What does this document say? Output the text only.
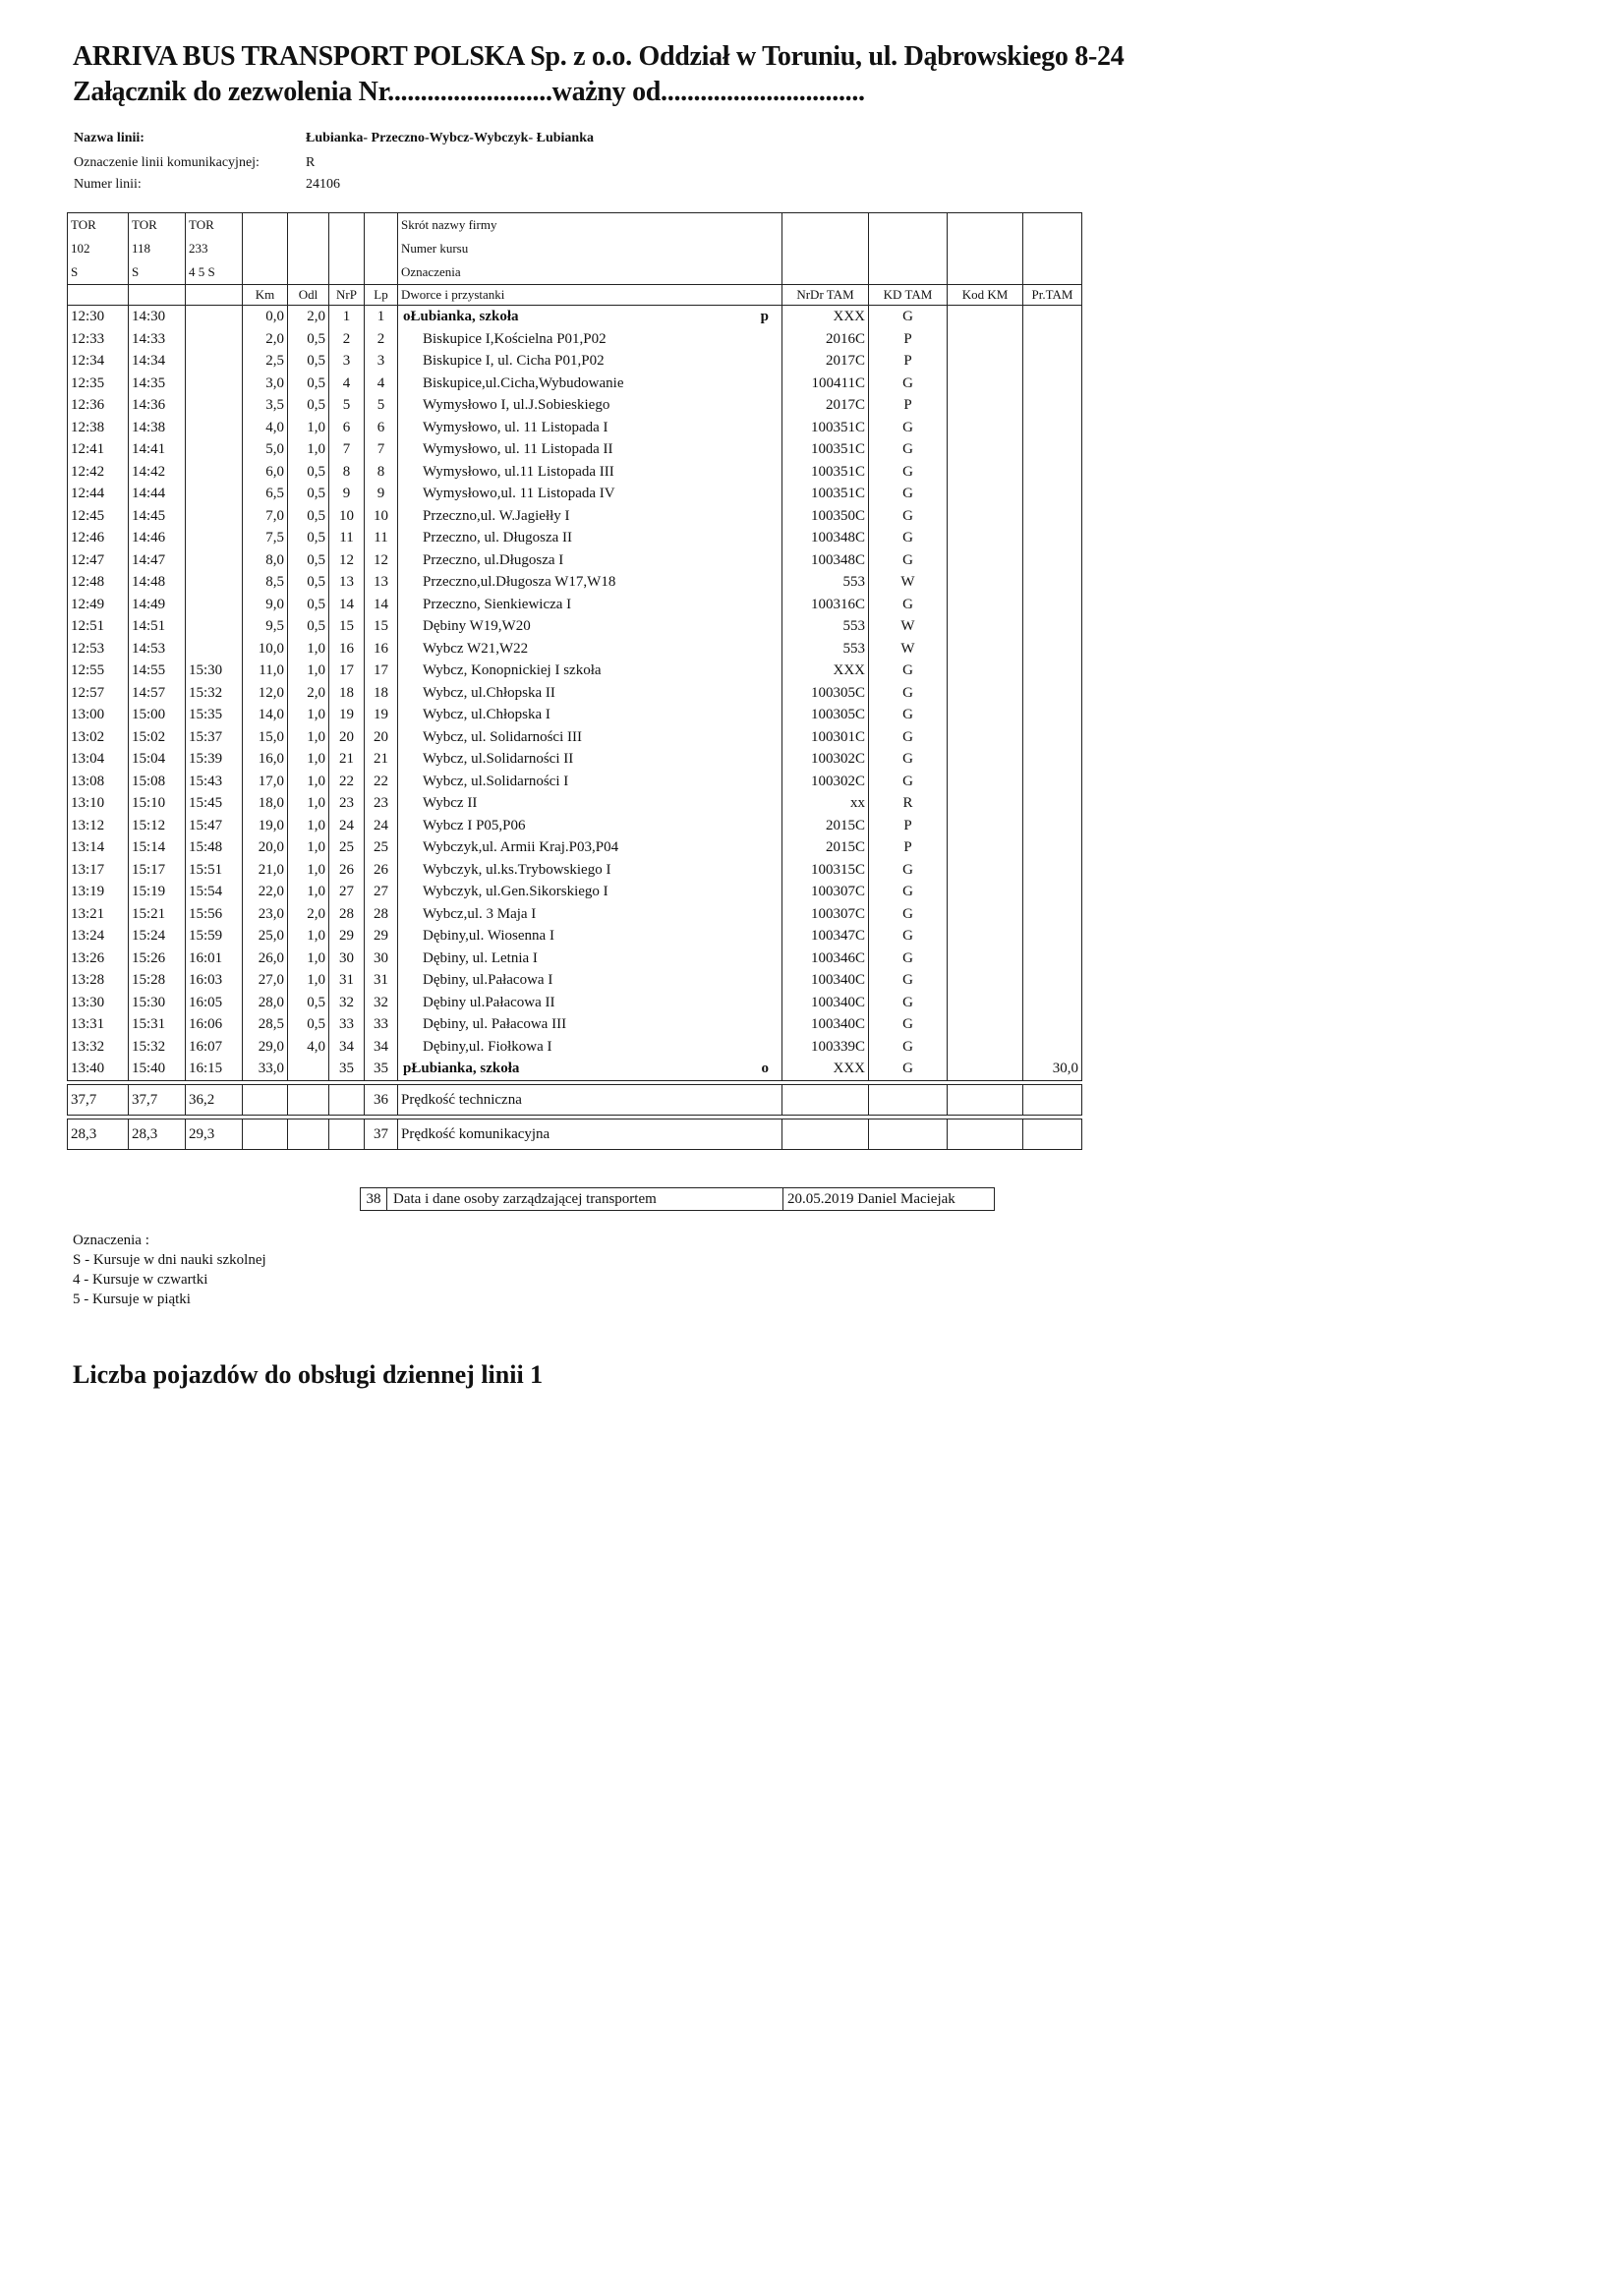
ARRIVA BUS TRANSPORT POLSKA Sp. z o.o. Oddział w Toruniu, ul. Dąbrowskiego 8-24
Załącznik do zezwolenia Nr.........................ważny od...............................
Nazwa linii:	Łubianka- Przeczno-Wybcz-Wybczyk- Łubianka
Oznaczenie linii komunikacyjnej:	R
Numer linii:	24106
TOR	TOR	TOR					Skrót nazwy firmy				
102	118	233					Numer kursu				
S	S	4 5 S					Oznaczenia				
			Km	Odl	NrP	Lp	Dworce i przystanki	NrDr TAM	KD TAM	Kod KM	Pr.TAM
12:30	14:30		0,0	2,0	1	1	oŁubianka, szkoła p	XXX	G		
12:33	14:33		2,0	0,5	2	2	Biskupice I,Kościelna P01,P02	2016C	P		
12:34	14:34		2,5	0,5	3	3	Biskupice I, ul. Cicha P01,P02	2017C	P		
12:35	14:35		3,0	0,5	4	4	Biskupice,ul.Cicha,Wybudowanie	100411C	G		
12:36	14:36		3,5	0,5	5	5	Wymysłowo I, ul.J.Sobieskiego	2017C	P		
12:38	14:38		4,0	1,0	6	6	Wymysłowo, ul. 11 Listopada I	100351C	G		
12:41	14:41		5,0	1,0	7	7	Wymysłowo, ul. 11 Listopada II	100351C	G		
12:42	14:42		6,0	0,5	8	8	Wymysłowo, ul.11 Listopada III	100351C	G		
12:44	14:44		6,5	0,5	9	9	Wymysłowo,ul. 11 Listopada IV	100351C	G		
12:45	14:45		7,0	0,5	10	10	Przeczno,ul. W.Jagiełły I	100350C	G		
12:46	14:46		7,5	0,5	11	11	Przeczno, ul. Długosza II	100348C	G		
12:47	14:47		8,0	0,5	12	12	Przeczno, ul.Długosza I	100348C	G		
12:48	14:48		8,5	0,5	13	13	Przeczno,ul.Długosza W17,W18	553	W		
12:49	14:49		9,0	0,5	14	14	Przeczno, Sienkiewicza I	100316C	G		
12:51	14:51		9,5	0,5	15	15	Dębiny W19,W20	553	W		
12:53	14:53		10,0	1,0	16	16	Wybcz W21,W22	553	W		
12:55	14:55	15:30	11,0	1,0	17	17	Wybcz, Konopnickiej I szkoła	XXX	G		
12:57	14:57	15:32	12,0	2,0	18	18	Wybcz, ul.Chłopska II	100305C	G		
13:00	15:00	15:35	14,0	1,0	19	19	Wybcz, ul.Chłopska I	100305C	G		
13:02	15:02	15:37	15,0	1,0	20	20	Wybcz, ul. Solidarności III	100301C	G		
13:04	15:04	15:39	16,0	1,0	21	21	Wybcz, ul.Solidarności II	100302C	G		
13:08	15:08	15:43	17,0	1,0	22	22	Wybcz, ul.Solidarności I	100302C	G		
13:10	15:10	15:45	18,0	1,0	23	23	Wybcz II	xx	R		
13:12	15:12	15:47	19,0	1,0	24	24	Wybcz I P05,P06	2015C	P		
13:14	15:14	15:48	20,0	1,0	25	25	Wybczyk,ul. Armii Kraj.P03,P04	2015C	P		
13:17	15:17	15:51	21,0	1,0	26	26	Wybczyk, ul.ks.Trybowskiego I	100315C	G		
13:19	15:19	15:54	22,0	1,0	27	27	Wybczyk, ul.Gen.Sikorskiego I	100307C	G		
13:21	15:21	15:56	23,0	2,0	28	28	Wybcz,ul. 3 Maja I	100307C	G		
13:24	15:24	15:59	25,0	1,0	29	29	Dębiny,ul. Wiosenna I	100347C	G		
13:26	15:26	16:01	26,0	1,0	30	30	Dębiny, ul. Letnia I	100346C	G		
13:28	15:28	16:03	27,0	1,0	31	31	Dębiny, ul.Pałacowa I	100340C	G		
13:30	15:30	16:05	28,0	0,5	32	32	Dębiny ul.Pałacowa II	100340C	G		
13:31	15:31	16:06	28,5	0,5	33	33	Dębiny, ul. Pałacowa III	100340C	G		
13:32	15:32	16:07	29,0	4,0	34	34	Dębiny,ul. Fiołkowa I	100339C	G		
13:40	15:40	16:15	33,0		35	35	pŁubianka, szkoła o	XXX	G		30,0

37,7	37,7	36,2				36	Prędkość techniczna				

28,3	28,3	29,3				37	Prędkość komunikacyjna				
38 Data i dane osoby zarządzającej transportem	20.05.2019 Daniel Maciejak
Oznaczenia :
S - Kursuje w dni nauki szkolnej
4 - Kursuje w czwartki
5 - Kursuje w piątki
Liczba pojazdów do obsługi dziennej linii 1
